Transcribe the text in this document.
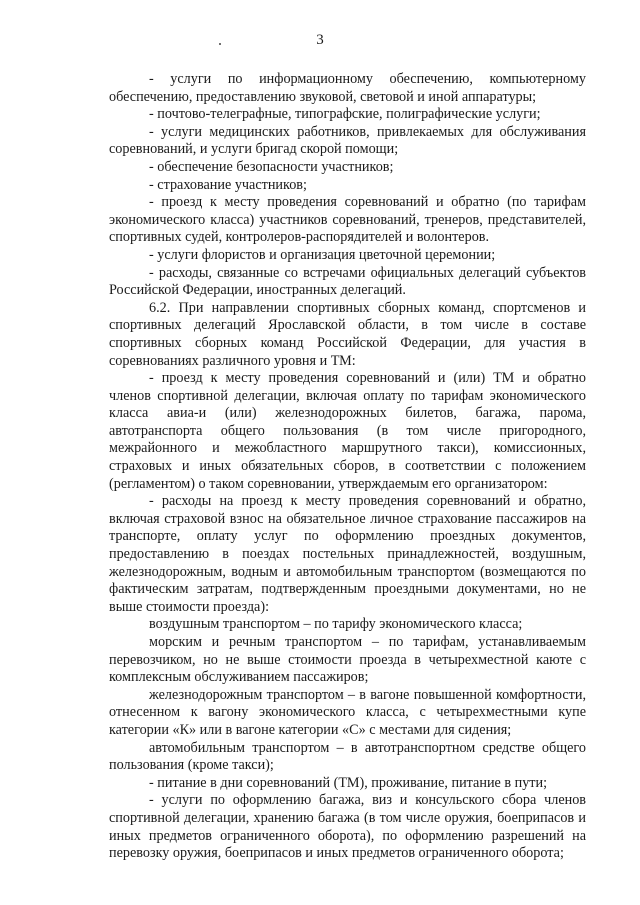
3

- услуги по информационному обеспечению, компьютерному обеспечению, предоставлению звуковой, световой и иной аппаратуры;

- почтово-телеграфные, типографские, полиграфические услуги;

- услуги медицинских работников, привлекаемых для обслуживания соревнований, и услуги бригад скорой помощи;

- обеспечение безопасности участников;

- страхование участников;

- проезд к месту проведения соревнований и обратно (по тарифам экономического класса) участников соревнований, тренеров, представителей, спортивных судей, контролеров-распорядителей и волонтеров.

- услуги флористов и организация цветочной церемонии;

- расходы, связанные со встречами официальных делегаций субъектов Российской Федерации, иностранных делегаций.

6.2. При направлении спортивных сборных команд, спортсменов и спортивных делегаций Ярославской области, в том числе в составе спортивных сборных команд Российской Федерации, для участия в соревнованиях различного уровня и ТМ:

- проезд к месту проведения соревнований и (или) ТМ и обратно членов спортивной делегации, включая оплату по тарифам экономического класса авиа-и (или) железнодорожных билетов, багажа, парома, автотранспорта общего пользования (в том числе пригородного, межрайонного и межобластного маршрутного такси), комиссионных, страховых и иных обязательных сборов, в соответствии с положением (регламентом) о таком соревновании, утверждаемым его организатором:

- расходы на проезд к месту проведения соревнований и обратно, включая страховой взнос на обязательное личное страхование пассажиров на транспорте, оплату услуг по оформлению проездных документов, предоставлению в поездах постельных принадлежностей, воздушным, железнодорожным, водным и автомобильным транспортом (возмещаются по фактическим затратам, подтвержденным проездными документами, но не выше стоимости проезда):

воздушным транспортом – по тарифу экономического класса;

морским и речным транспортом – по тарифам, устанавливаемым перевозчиком, но не выше стоимости проезда в четырехместной каюте с комплексным обслуживанием пассажиров;

железнодорожным транспортом – в вагоне повышенной комфортности, отнесенном к вагону экономического класса, с четырехместными купе категории «К» или в вагоне категории «С» с местами для сидения;

автомобильным транспортом – в автотранспортном средстве общего пользования (кроме такси);

- питание в дни соревнований (ТМ), проживание, питание в пути;

- услуги по оформлению багажа, виз и консульского сбора членов спортивной делегации, хранению багажа (в том числе оружия, боеприпасов и иных предметов ограниченного оборота), по оформлению разрешений на перевозку оружия, боеприпасов и иных предметов ограниченного оборота;
